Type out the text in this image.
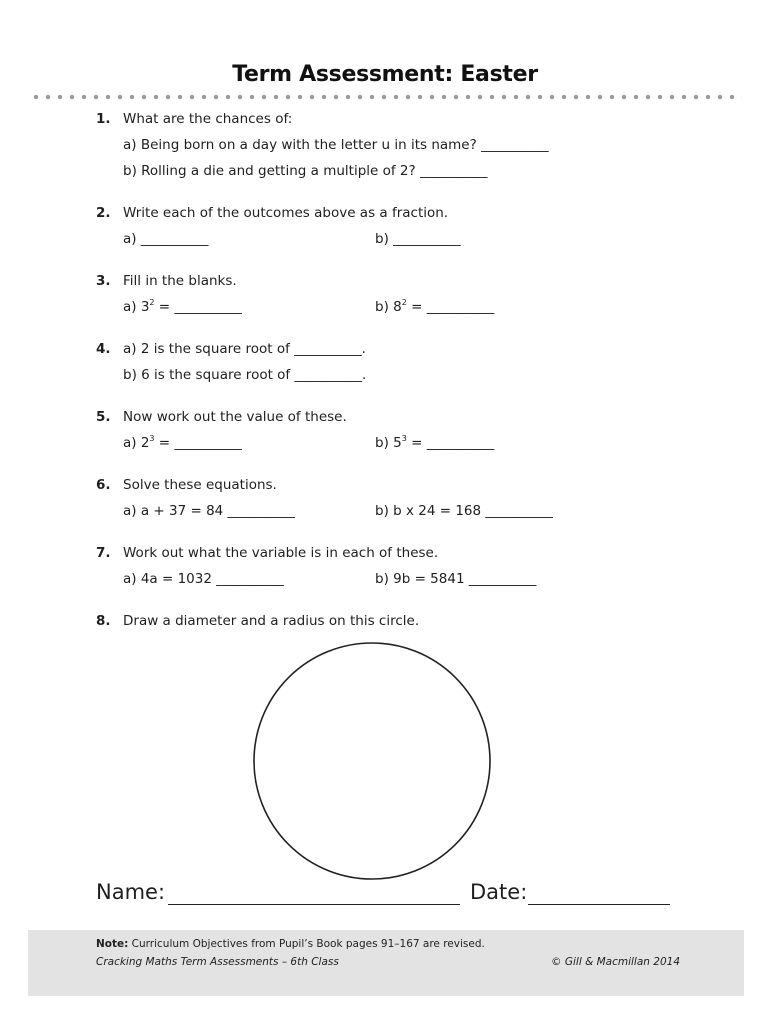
Term Assessment: Easter
1. What are the chances of:
a) Being born on a day with the letter u in its name? __________
b) Rolling a die and getting a multiple of 2? __________
2. Write each of the outcomes above as a fraction.
a) __________	b) __________
3. Fill in the blanks.
a) $3^2$ = __________	b) $8^2$ = __________
4. a) 2 is the square root of __________.
b) 6 is the square root of __________.
5. Now work out the value of these.
a) $2^3$ = __________	b) $5^3$ = __________
6. Solve these equations.
a) a + 37 = 84 __________	b) b x 24 = 168 __________
7. Work out what the variable is in each of these.
a) 4a = 1032 __________	b) 9b = 5841 __________
8. Draw a diameter and a radius on this circle.
Name:	Date:
Note: Curriculum Objectives from Pupil’s Book pages 91–167 are revised.
Cracking Maths Term Assessments – 6th Class	© Gill & Macmillan 2014
